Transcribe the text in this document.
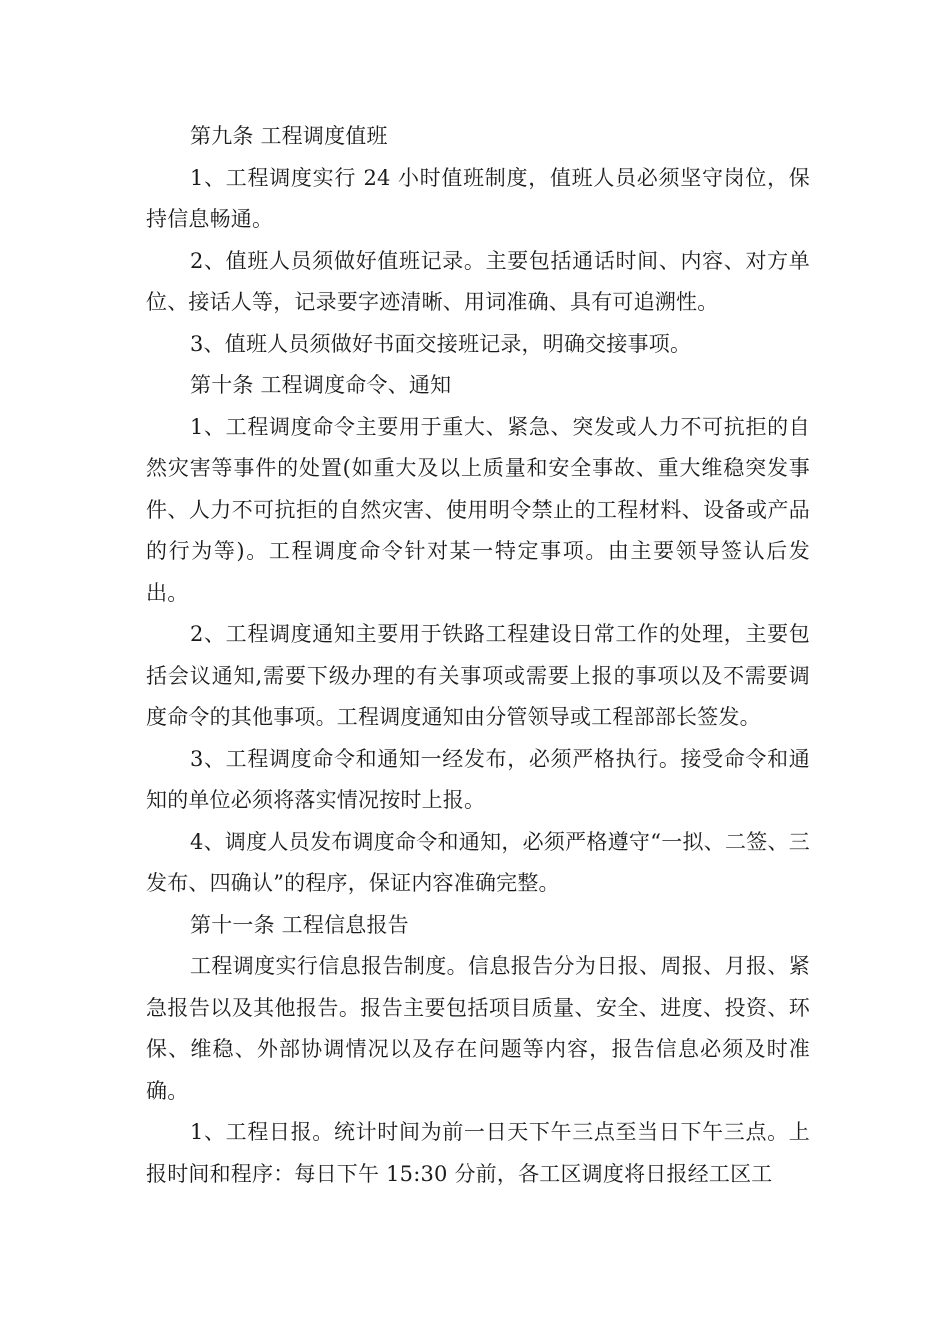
第九条 工程调度值班

1、工程调度实行 24 小时值班制度，值班人员必须坚守岗位，保持信息畅通。

2、值班人员须做好值班记录。主要包括通话时间、内容、对方单位、接话人等，记录要字迹清晰、用词准确、具有可追溯性。

3、值班人员须做好书面交接班记录，明确交接事项。

第十条 工程调度命令、通知

1、工程调度命令主要用于重大、紧急、突发或人力不可抗拒的自然灾害等事件的处置(如重大及以上质量和安全事故、重大维稳突发事件、人力不可抗拒的自然灾害、使用明令禁止的工程材料、设备或产品的行为等)。工程调度命令针对某一特定事项。由主要领导签认后发出。

2、工程调度通知主要用于铁路工程建设日常工作的处理，主要包括会议通知,需要下级办理的有关事项或需要上报的事项以及不需要调度命令的其他事项。工程调度通知由分管领导或工程部部长签发。

3、工程调度命令和通知一经发布，必须严格执行。接受命令和通知的单位必须将落实情况按时上报。

4、调度人员发布调度命令和通知，必须严格遵守“一拟、二签、三发布、四确认”的程序，保证内容准确完整。

第十一条 工程信息报告

工程调度实行信息报告制度。信息报告分为日报、周报、月报、紧急报告以及其他报告。报告主要包括项目质量、安全、进度、投资、环保、维稳、外部协调情况以及存在问题等内容，报告信息必须及时准确。

1、工程日报。统计时间为前一日天下午三点至当日下午三点。上报时间和程序：每日下午 15:30 分前，各工区调度将日报经工区工
